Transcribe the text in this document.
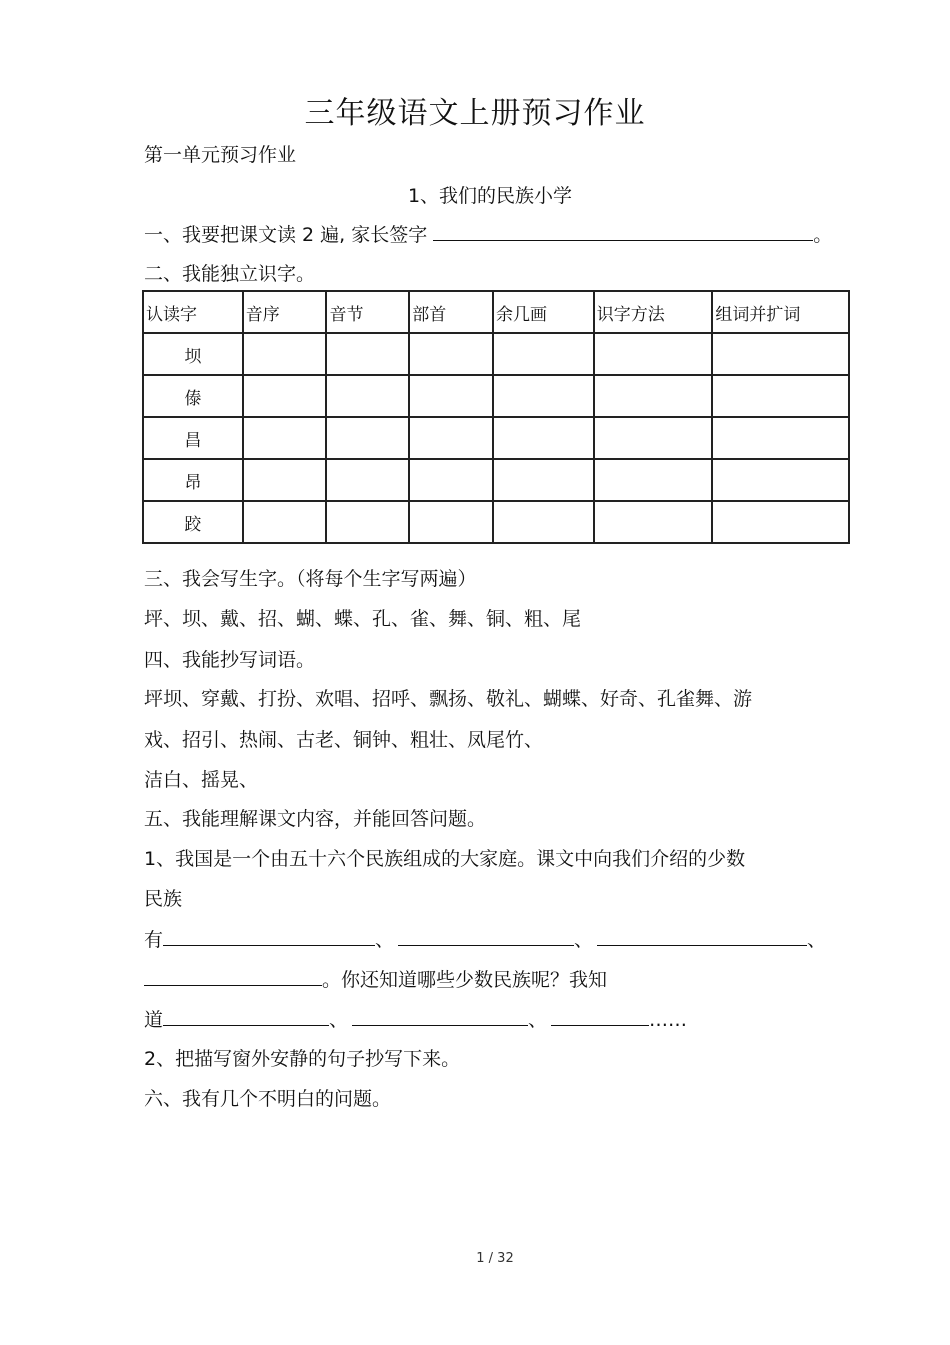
三年级语文上册预习作业
第一单元预习作业
1、我们的民族小学
一、我要把课文读 2 遍, 家长签字	。
二、我能独立识字。
认读字	音序	音节	部首	余几画	识字方法	组词并扩词
坝						
傣						
昌						
昂						
跤						
三、我会写生字。（将每个生字写两遍）
坪、坝、戴、招、蝴、蝶、孔、雀、舞、铜、粗、尾
四、我能抄写词语。
坪坝、穿戴、打扮、欢唱、招呼、飘扬、敬礼、蝴蝶、好奇、孔雀舞、游
戏、招引、热闹、古老、铜钟、粗壮、凤尾竹、
洁白、摇晃、
五、我能理解课文内容，并能回答问题。
1、我国是一个由五十六个民族组成的大家庭。课文中向我们介绍的少数
民族
有	、	、	、
。你还知道哪些少数民族呢？我知
道	、	、	……
2、把描写窗外安静的句子抄写下来。
六、我有几个不明白的问题。
1 / 32
